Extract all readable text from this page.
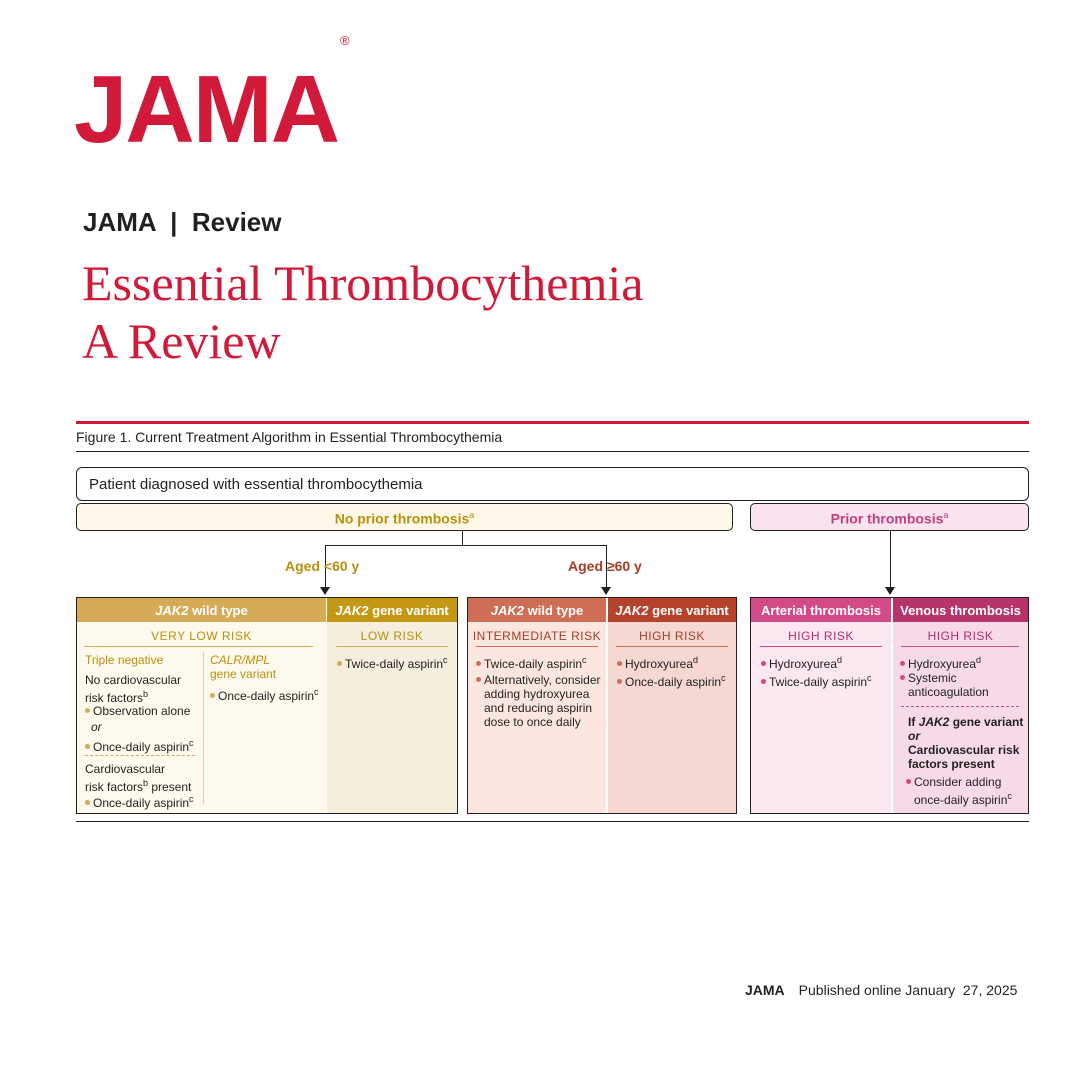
JAMA®
JAMA  |  Review
Essential Thrombocythemia
A Review
Figure 1. Current Treatment Algorithm in Essential Thrombocythemia
Patient diagnosed with essential thrombocythemia
No prior thrombosis$^a$	Prior thrombosis$^a$
Aged <60 y	Aged ≥60 y
JAK2 wild type	JAK2 gene variant
VERY LOW RISK	LOW RISK
Triple negative
No cardiovascular
risk factors$^b$
Observation alone
or
Once-daily aspirin$^c$
Cardiovascular
risk factors$^b$ present
Once-daily aspirin$^c$
CALR/MPL
gene variant
Once-daily aspirin$^c$
Twice-daily aspirin$^c$
JAK2 wild type	JAK2 gene variant
INTERMEDIATE RISK	HIGH RISK
Twice-daily aspirin$^c$
Alternatively, consider
adding hydroxyurea
and reducing aspirin
dose to once daily
Hydroxyurea$^d$
Once-daily aspirin$^c$
Arterial thrombosis	Venous thrombosis
HIGH RISK	HIGH RISK
Hydroxyurea$^d$
Twice-daily aspirin$^c$
Hydroxyurea$^d$
Systemic
anticoagulation
If JAK2 gene variant
or
Cardiovascular risk
factors present
Consider adding
once-daily aspirin$^c$
JAMA Published online January  27, 2025
